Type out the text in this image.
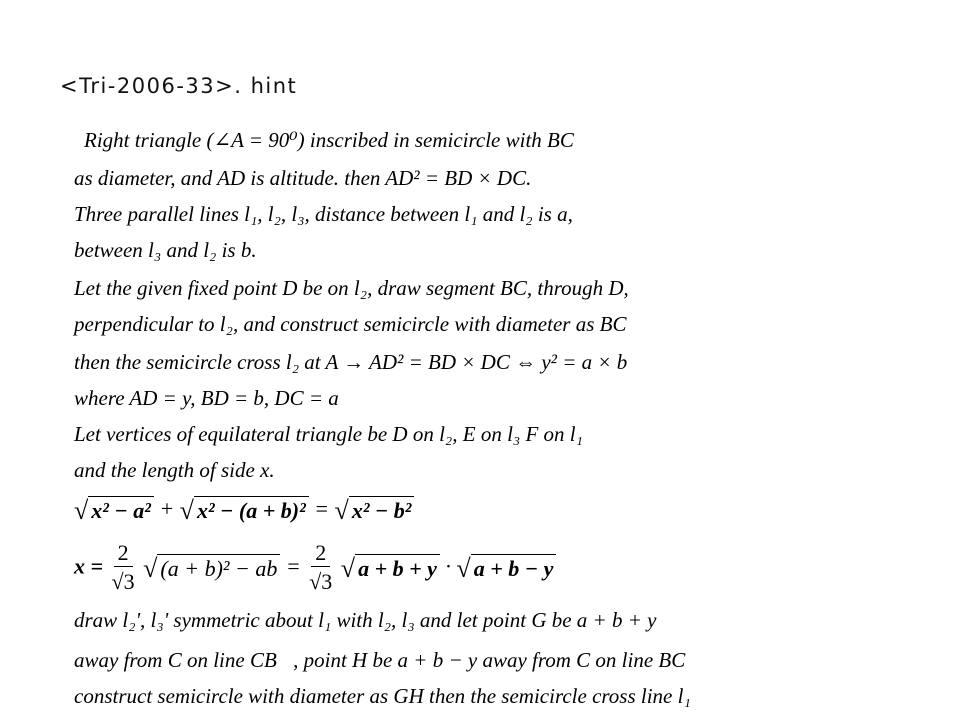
<Tri-2006-33>. hint
Right triangle (∠A = 90⁰) inscribed in semicircle with BC
as diameter, and AD is altitude. then AD² = BD × DC.
Three parallel lines l₁, l₂, l₃, distance between l₁ and l₂ is a,
between l₃ and l₂ is b.
Let the given fixed point D be on l₂, draw segment BC, through D,
perpendicular to l₂, and construct semicircle with diameter as BC
then the semicircle cross l₂ at A → AD² = BD × DC ⇔ y² = a × b
where AD = y, BD = b, DC = a
Let vertices of equilateral triangle be D on l₂, E on l₃ F on l₁
and the length of side x.
√ x² − a² + √ x² − (a + b)² = √ x² − b²
$x = \frac{2}{√3}$
√ (a + b)² − ab = $\frac{2}{√3}$
√ a + b + y · √ a + b − y
draw l₂', l₃' symmetric about l₁ with l₂, l₃ and let point G be a + b + y
away from C on line CB⃗, point H be a + b − y away from C on line BC⃗
construct semicircle with diameter as GH then the semicircle cross line l₁
